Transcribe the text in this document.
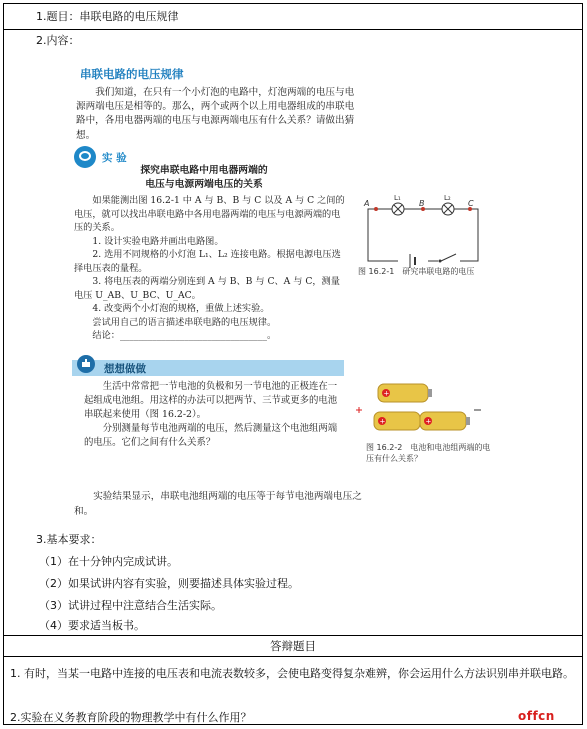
1.题目：串联电路的电压规律
2.内容：
串联电路的电压规律

我们知道，在只有一个小灯泡的电路中，灯泡两端的电压与电源两端电压是相等的。那么，两个或两个以上用电器组成的串联电路中，各用电器两端的电压与电源两端电压有什么关系？请做出猜想。

实 验
探究串联电路中用电器两端的
电压与电源两端电压的关系
如果能测出图 16.2-1 中 A 与 B、B 与 C 以及 A 与 C 之间的电压，就可以找出串联电路中各用电器两端的电压与电源两端的电压的关系。
1. 设计实验电路并画出电路图。
2. 选用不同规格的小灯泡 L₁、L₂ 连接电路。根据电源电压选择电压表的量程。
3. 将电压表的两端分别连到 A 与 B、B 与 C、A 与 C，测量电压 U_AB、U_BC、U_AC。
4. 改变两个小灯泡的规格，重做上述实验。
尝试用自己的语言描述串联电路的电压规律。
结论：________________________________。
A
L₁
B
L₂
C
图 16.2-1　研究串联电路的电压
想想做做

生活中常常把一节电池的负极和另一节电池的正极连在一起组成电池组。用这样的办法可以把两节、三节或更多的电池串联起来使用（图 16.2-2）。

分别测量每节电池两端的电压，然后测量这个电池组两端的电压。它们之间有什么关系？

+
+	+
图 16.2-2　电池和电池组两端的电压有什么关系？

实验结果显示，串联电池组两端的电压等于每节电池两端电压之和。

3.基本要求：
（1）在十分钟内完成试讲。
（2）如果试讲内容有实验，则要描述具体实验过程。
（3）试讲过程中注意结合生活实际。
（4）要求适当板书。
答辩题目
1. 有时，当某一电路中连接的电压表和电流表数较多，会使电路变得复杂难辨，你会运用什么方法识别串并联电路。
2.实验在义务教育阶段的物理教学中有什么作用？	offcn
